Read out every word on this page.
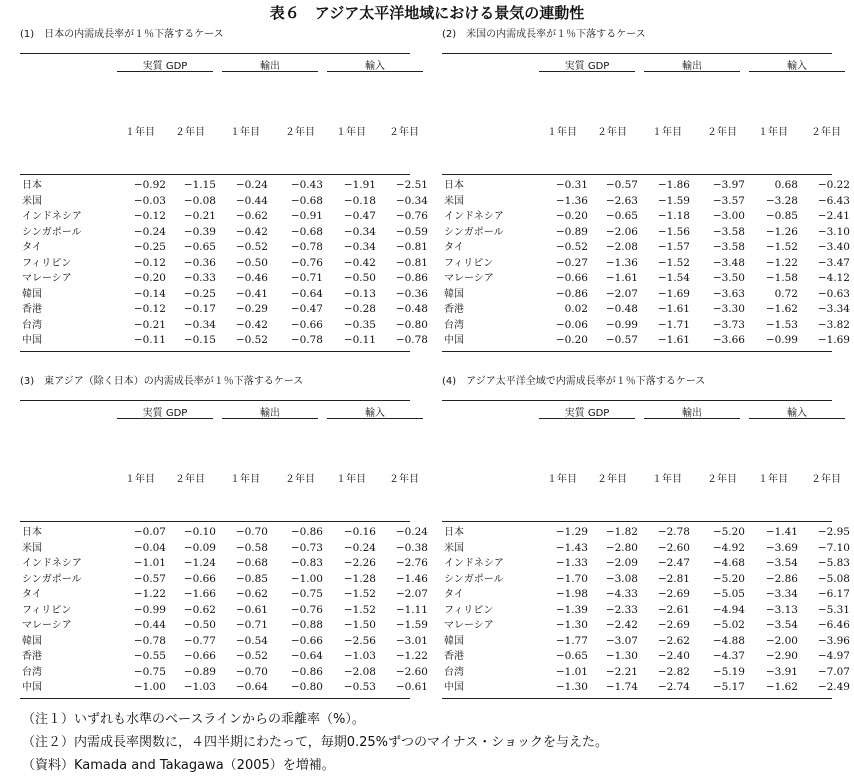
表６　アジア太平洋地域における景気の連動性
(1)　日本の内需成長率が１％下落するケース
実質 GDP	輸出	輸入
１年目	２年目	１年目	２年目	１年目	２年目
日本	−0.92	−1.15	−0.24	−0.43	−1.91	−2.51
米国	−0.03	−0.08	−0.44	−0.68	−0.18	−0.34
インドネシア	−0.12	−0.21	−0.62	−0.91	−0.47	−0.76
シンガポール	−0.24	−0.39	−0.42	−0.68	−0.34	−0.59
タイ	−0.25	−0.65	−0.52	−0.78	−0.34	−0.81
フィリピン	−0.12	−0.36	−0.50	−0.76	−0.42	−0.81
マレーシア	−0.20	−0.33	−0.46	−0.71	−0.50	−0.86
韓国	−0.14	−0.25	−0.41	−0.64	−0.13	−0.36
香港	−0.12	−0.17	−0.29	−0.47	−0.28	−0.48
台湾	−0.21	−0.34	−0.42	−0.66	−0.35	−0.80
中国	−0.11	−0.15	−0.52	−0.78	−0.11	−0.78
(2)　米国の内需成長率が１％下落するケース
実質 GDP	輸出	輸入
１年目	２年目	１年目	２年目	１年目	２年目
日本	−0.31	−0.57	−1.86	−3.97	0.68	−0.22
米国	−1.36	−2.63	−1.59	−3.57	−3.28	−6.43
インドネシア	−0.20	−0.65	−1.18	−3.00	−0.85	−2.41
シンガポール	−0.89	−2.06	−1.56	−3.58	−1.26	−3.10
タイ	−0.52	−2.08	−1.57	−3.58	−1.52	−3.40
フィリピン	−0.27	−1.36	−1.52	−3.48	−1.22	−3.47
マレーシア	−0.66	−1.61	−1.54	−3.50	−1.58	−4.12
韓国	−0.86	−2.07	−1.69	−3.63	0.72	−0.63
香港	0.02	−0.48	−1.61	−3.30	−1.62	−3.34
台湾	−0.06	−0.99	−1.71	−3.73	−1.53	−3.82
中国	−0.20	−0.57	−1.61	−3.66	−0.99	−1.69
(3)　東アジア（除く日本）の内需成長率が１％下落するケース
実質 GDP	輸出	輸入
１年目	２年目	１年目	２年目	１年目	２年目
日本	−0.07	−0.10	−0.70	−0.86	−0.16	−0.24
米国	−0.04	−0.09	−0.58	−0.73	−0.24	−0.38
インドネシア	−1.01	−1.24	−0.68	−0.83	−2.26	−2.76
シンガポール	−0.57	−0.66	−0.85	−1.00	−1.28	−1.46
タイ	−1.22	−1.66	−0.62	−0.75	−1.52	−2.07
フィリピン	−0.99	−0.62	−0.61	−0.76	−1.52	−1.11
マレーシア	−0.44	−0.50	−0.71	−0.88	−1.50	−1.59
韓国	−0.78	−0.77	−0.54	−0.66	−2.56	−3.01
香港	−0.55	−0.66	−0.52	−0.64	−1.03	−1.22
台湾	−0.75	−0.89	−0.70	−0.86	−2.08	−2.60
中国	−1.00	−1.03	−0.64	−0.80	−0.53	−0.61
(4)　アジア太平洋全域で内需成長率が１％下落するケース
実質 GDP	輸出	輸入
１年目	２年目	１年目	２年目	１年目	２年目
日本	−1.29	−1.82	−2.78	−5.20	−1.41	−2.95
米国	−1.43	−2.80	−2.60	−4.92	−3.69	−7.10
インドネシア	−1.33	−2.09	−2.47	−4.68	−3.54	−5.83
シンガポール	−1.70	−3.08	−2.81	−5.20	−2.86	−5.08
タイ	−1.98	−4.33	−2.69	−5.05	−3.34	−6.17
フィリピン	−1.39	−2.33	−2.61	−4.94	−3.13	−5.31
マレーシア	−1.30	−2.42	−2.69	−5.02	−3.54	−6.46
韓国	−1.77	−3.07	−2.62	−4.88	−2.00	−3.96
香港	−0.65	−1.30	−2.40	−4.37	−2.90	−4.97
台湾	−1.01	−2.21	−2.82	−5.19	−3.91	−7.07
中国	−1.30	−1.74	−2.74	−5.17	−1.62	−2.49
（注１）いずれも水準のベースラインからの乖離率（%）。
（注２）内需成長率関数に，４四半期にわたって，毎期0.25%ずつのマイナス・ショックを与えた。
（資料）Kamada and Takagawa（2005）を増補。
